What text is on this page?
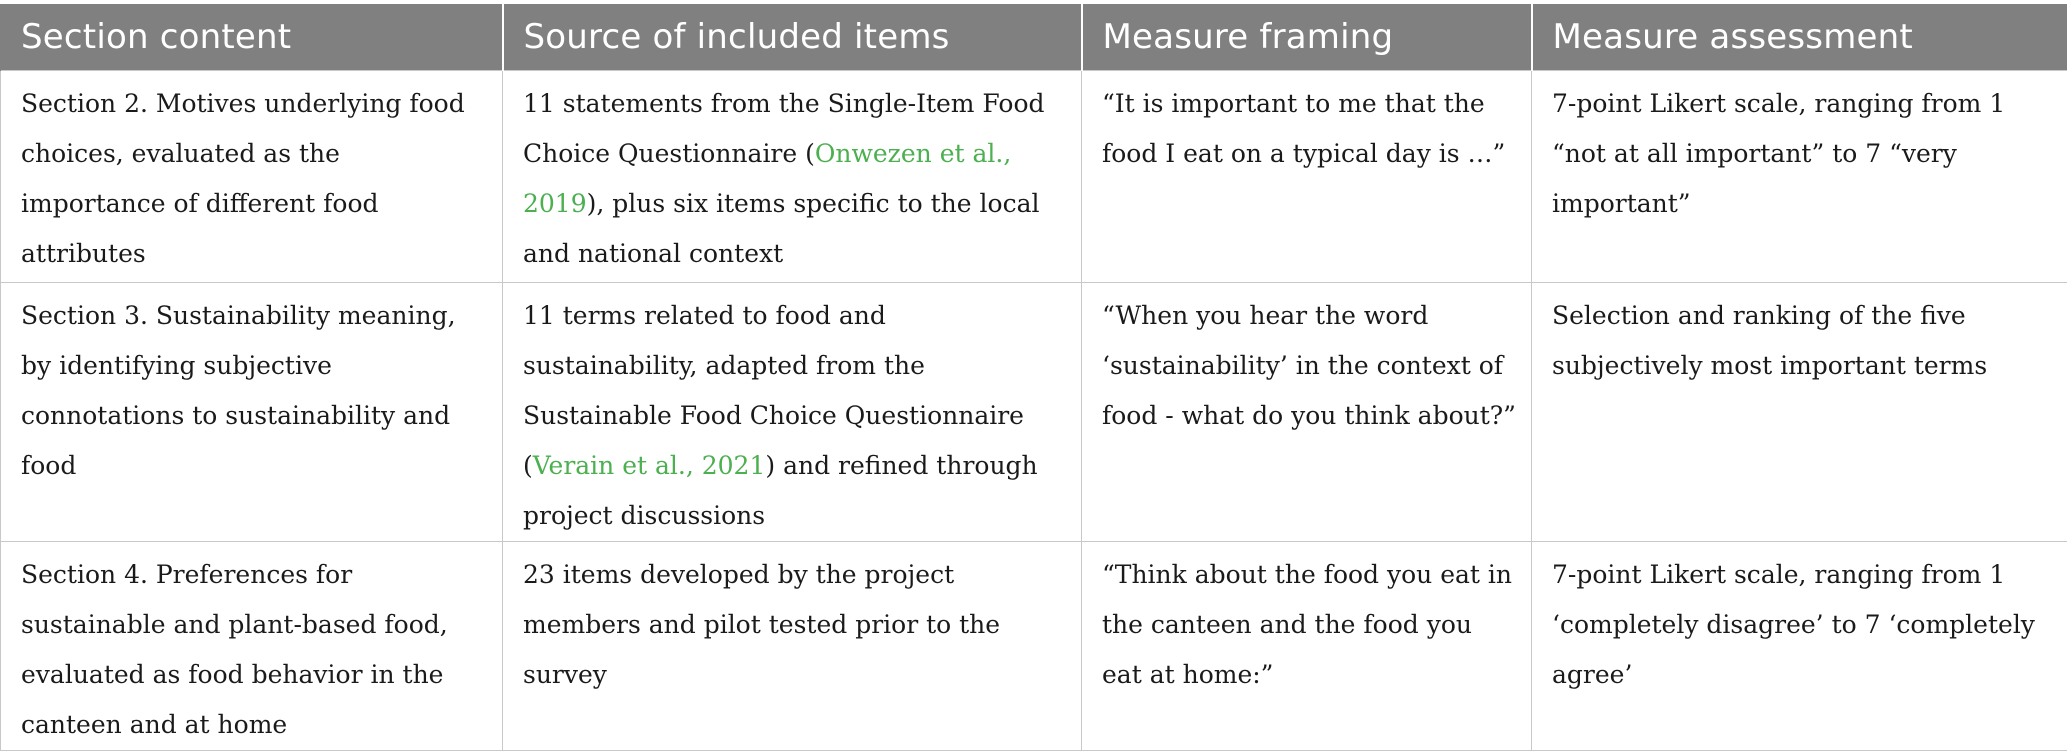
Section content	Source of included items	Measure framing	Measure assessment
Section 2. Motives underlying food choices, evaluated as the importance of different food attributes	11 statements from the Single-Item Food Choice Questionnaire (Onwezen et al., 2019), plus six items specific to the local and national context	“It is important to me that the food I eat on a typical day is …”	7-point Likert scale, ranging from 1 “not at all important” to 7 “very important”
Section 3. Sustainability meaning, by identifying subjective connotations to sustainability and food	11 terms related to food and sustainability, adapted from the Sustainable Food Choice Questionnaire (Verain et al., 2021) and refined through project discussions	“When you hear the word ‘sustainability’ in the context of food - what do you think about?”	Selection and ranking of the five subjectively most important terms
Section 4. Preferences for sustainable and plant-based food, evaluated as food behavior in the canteen and at home	23 items developed by the project members and pilot tested prior to the survey	“Think about the food you eat in the canteen and the food you eat at home:”	7-point Likert scale, ranging from 1 ‘completely disagree’ to 7 ‘completely agree’
